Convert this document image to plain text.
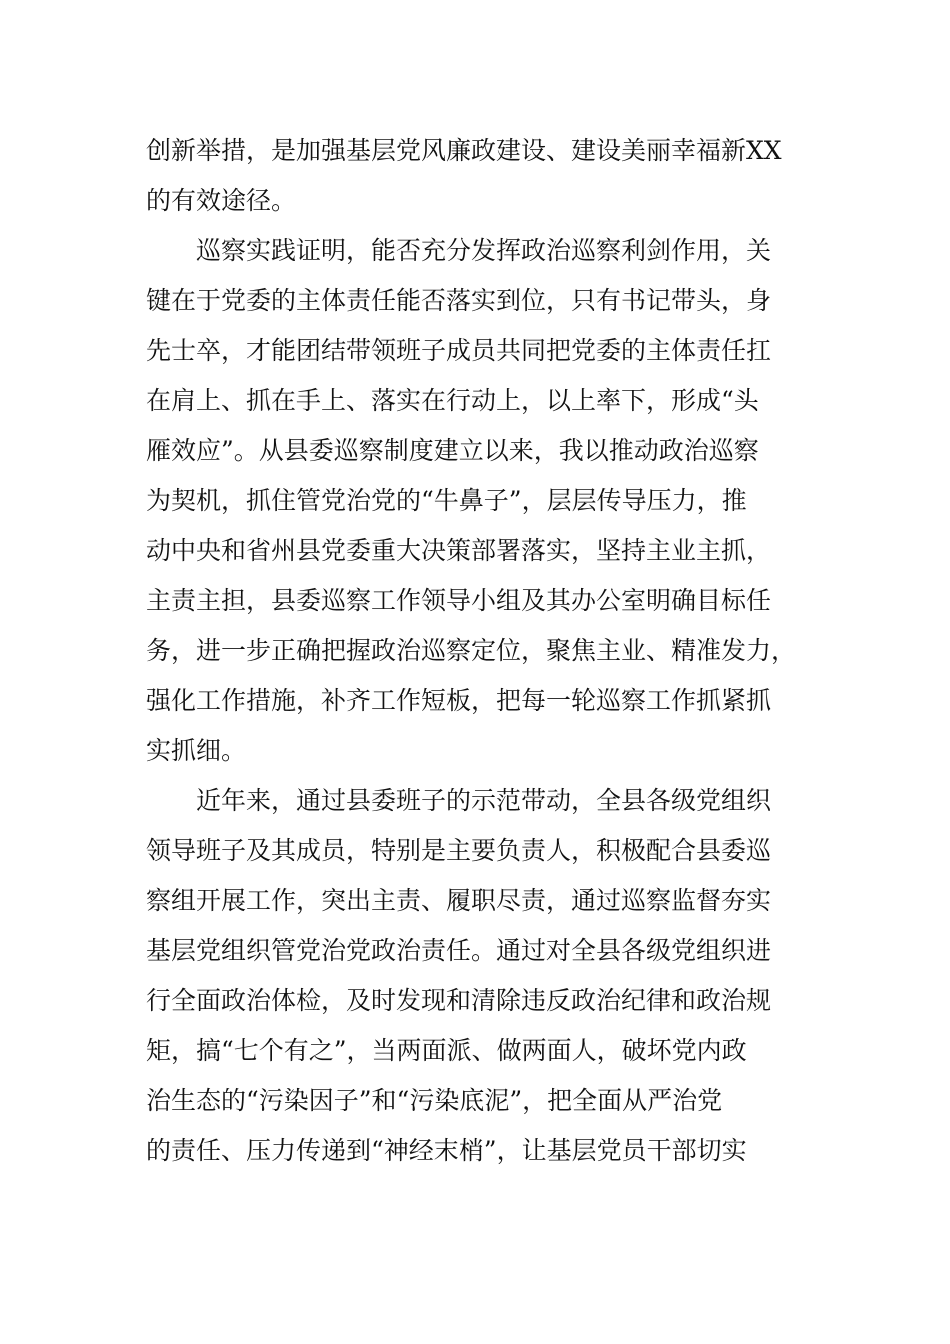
创新举措，是加强基层党风廉政建设、建设美丽幸福新XX
的有效途径。
巡察实践证明，能否充分发挥政治巡察利剑作用，关
键在于党委的主体责任能否落实到位，只有书记带头，身
先士卒，才能团结带领班子成员共同把党委的主体责任扛
在肩上、抓在手上、落实在行动上，以上率下，形成“头
雁效应”。从县委巡察制度建立以来，我以推动政治巡察
为契机，抓住管党治党的“牛鼻子”，层层传导压力，推
动中央和省州县党委重大决策部署落实，坚持主业主抓，
主责主担，县委巡察工作领导小组及其办公室明确目标任
务，进一步正确把握政治巡察定位，聚焦主业、精准发力，
强化工作措施，补齐工作短板，把每一轮巡察工作抓紧抓
实抓细。
近年来，通过县委班子的示范带动，全县各级党组织
领导班子及其成员，特别是主要负责人，积极配合县委巡
察组开展工作，突出主责、履职尽责，通过巡察监督夯实
基层党组织管党治党政治责任。通过对全县各级党组织进
行全面政治体检，及时发现和清除违反政治纪律和政治规
矩，搞“七个有之”，当两面派、做两面人，破坏党内政
治生态的“污染因子”和“污染底泥”，把全面从严治党
的责任、压力传递到“神经末梢”，让基层党员干部切实
